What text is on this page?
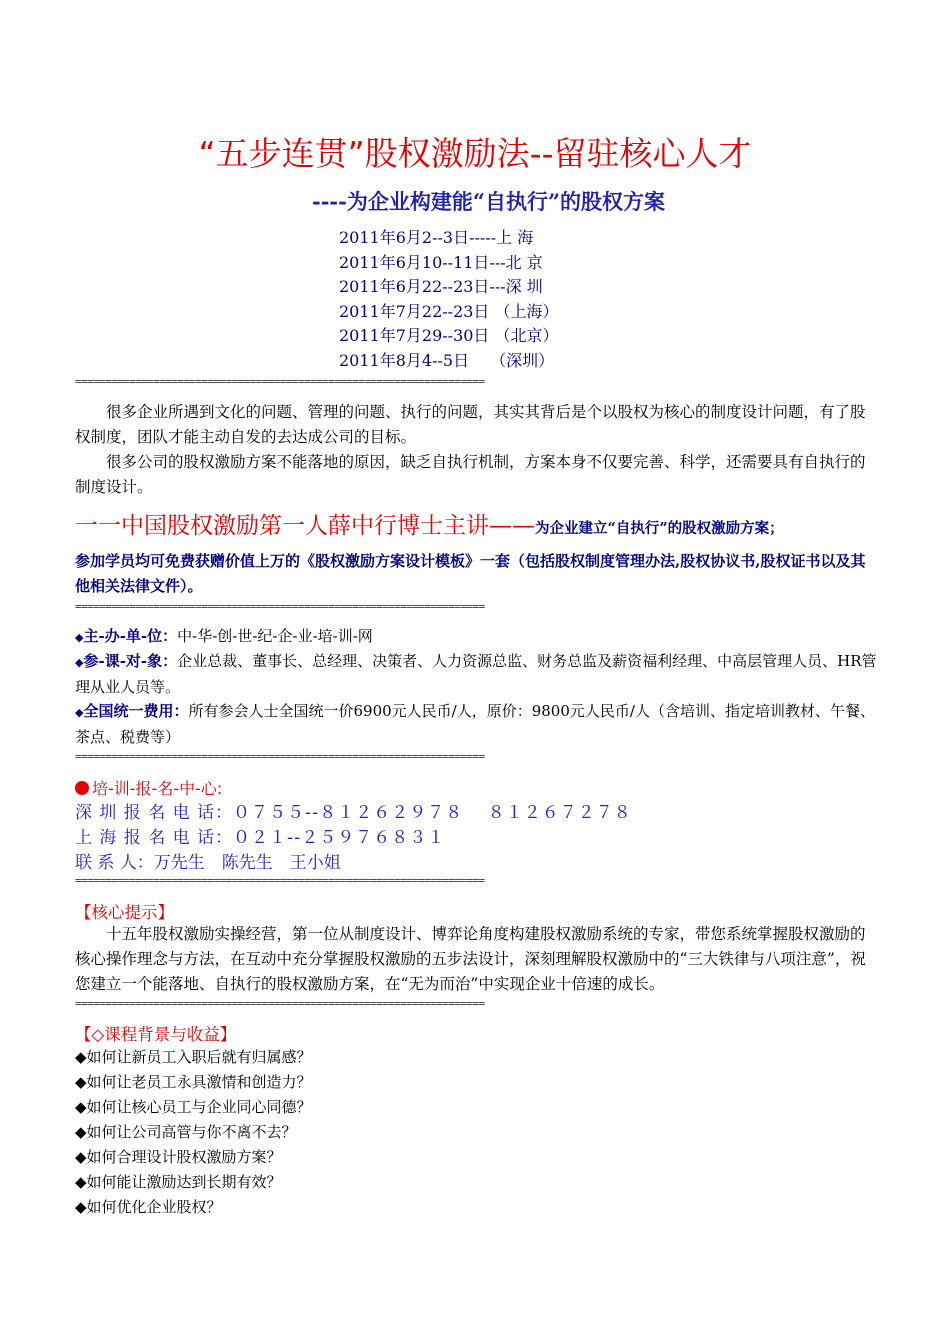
“五步连贯”股权激励法--留驻核心人才
----为企业构建能“自执行”的股权方案
2011年6月2--3日-----上 海
2011年6月10--11日---北 京
2011年6月22--23日---深 圳
2011年7月22--23日 （上海）
2011年7月29--30日 （北京）
2011年8月4--5日　 （深圳）
====================================================================
很多企业所遇到文化的问题、管理的问题、执行的问题，其实其背后是个以股权为核心的制度设计问题，有了股权制度，团队才能主动自发的去达成公司的目标。
很多公司的股权激励方案不能落地的原因，缺乏自执行机制，方案本身不仅要完善、科学，还需要具有自执行的制度设计。
一一中国股权激励第一人薛中行博士主讲——为企业建立“自执行”的股权激励方案；
参加学员均可免费获赠价值上万的《股权激励方案设计模板》一套（包括股权制度管理办法,股权协议书,股权证书以及其他相关法律文件）。
====================================================================
◆主-办-单-位：中-华-创-世-纪-企-业-培-训-网
◆参-课-对-象：企业总裁、董事长、总经理、决策者、人力资源总监、财务总监及薪资福利经理、中高层管理人员、HR管理从业人员等。
◆全国统一费用：所有参会人士全国统一价6900元人民币/人，原价：9800元人民币/人（含培训、指定培训教材、午餐、茶点、税费等）
====================================================================
培-训-报-名-中-心:
深 圳 报 名 电 话：０７５５--８１２６２９７８　 ８１２６７２７８
上 海 报 名 电 话：０２１--２５９７６８３１
联 系 人：万先生　陈先生　王小姐
====================================================================
【核心提示】
十五年股权激励实操经营，第一位从制度设计、博弈论角度构建股权激励系统的专家，带您系统掌握股权激励的核心操作理念与方法，在互动中充分掌握股权激励的五步法设计，深刻理解股权激励中的“三大铁律与八项注意”，祝您建立一个能落地、自执行的股权激励方案，在“无为而治”中实现企业十倍速的成长。
====================================================================
【◇课程背景与收益】
◆如何让新员工入职后就有归属感？
◆如何让老员工永具激情和创造力？
◆如何让核心员工与企业同心同德？
◆如何让公司高管与你不离不去？
◆如何合理设计股权激励方案？
◆如何能让激励达到长期有效？
◆如何优化企业股权？
